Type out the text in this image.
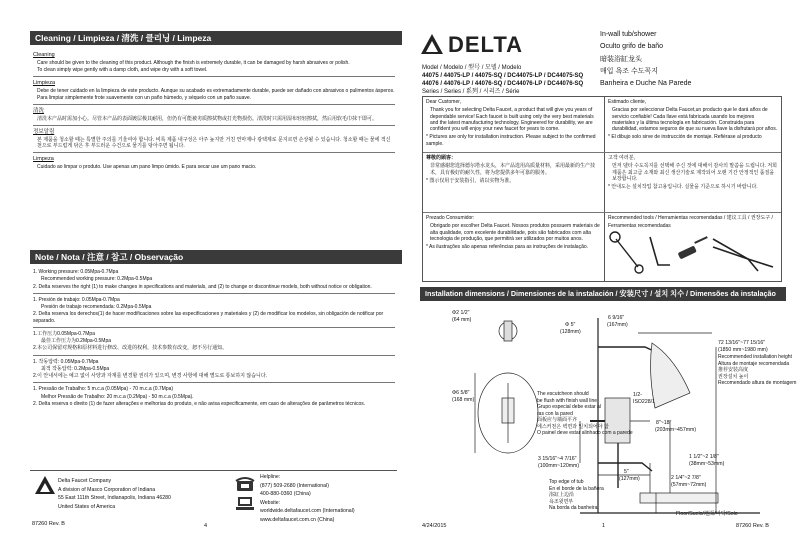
Cleaning / Limpieza / 清洗 / 클리닝 / Limpeza
Cleaning

Care should be given to the cleaning of this product. Although the finish is extremely durable, it can be damaged by harsh abrasives or polish.

To clean simply wipe gently with a damp cloth, and wipe dry with a soft towel.

Limpieza

Debe de tener cuidado en la limpieza de este producto. Aunque su acabado es extremadamente durable, puede ser dañado con abrasivos o pulimentos ásperos. Para limpiar simplemente frote suavemente con un paño húmedo, y séquelo con un paño suave.

清洗

清洗本产品时需加小心。尽管本产品的表面镀层极其耐用，但仍有可能被劣质擦拭物或打光物损伤。清洗时只需用湿布轻轻擦拭，然后用软毛巾抹干即可。

정보알림

본 제품을 청소할 때는 특별한 주의를 기울여야 합니다. 비록 제품 내구성은 아주 높지만 거친 연마제나 광택제로 문지르면 손상될 수 있습니다. 청소할 때는 물에 적신 천으로 부드럽게 닦은 후 부드러운 수건으로 물기를 닦아주면 됩니다.

Limpeza

Cuidado ao limpar o produto. Use apenas um pano limpo úmido. E para secar use um pano macio.

Note / Nota / 注意 / 참고 / Observação
1. Working pressure: 0.05Mpa-0.7Mpa
Recommended working pressure: 0.2Mpa-0.5Mpa
2. Delta reserves the right (1) to make changes in specifications and materials, and (2) to change or discontinue models, both without notice or obligation.
1. Presión de trabajo: 0.05Mpa-0.7Mpa
Presión de trabajo recomendada: 0.2Mpa-0.5Mpa
2. Delta reserva los derechos(1) de hacer modificaciones sobre las especificaciones y materiales y (2) de modificar los modelos, sin obligación de notificar por separado.
1.工作压力0.05Mpa-0.7Mpa
最佳工作压力为0.2Mpa-0.5Mpa
2.本公司保留对规格和原材料进行修改、改进的权利，技术参数有改变，恕不另行通知。
1. 작동압력: 0.05Mpa-0.7Mpa
최적 작동압력: 0.2Mpa-0.5Mpa
2.이 안내서에는 예고 없이 사양과 자재를 변경할 권리가 있으며, 변경 사항에 대해 별도로 통보하지 않습니다.
1. Pressão de Trabalho: 5 m.c.a (0.05Mpa) - 70 m.c.a (0.7Mpa)
Melhor Pressão de Trabalho: 20 m.c.a (0.2Mpa) - 50 m.c.a (0.5Mpa).
2. Delta reserva o direito (1) de fazer alterações e melhorias do produto, e não avisa especificamente, em caso de alterações de parâmetros técnicos.
Delta Faucet Company
A division of Masco Corporation of Indiana
55 East 111th Street, Indianapolis, Indiana 46280
United States of America
Helpline:
(877) 509-2680 (International)
400-880-0360 (China)
Website:
worldwide.deltafaucet.com (International)
www.deltafaucet.com.cn (China)
87260 Rev. B	4
DELTA	In-wall tub/shower
Oculto grifo de baño
暗装浴缸龙头
매입 욕조 수도꼭지
Banheira e Duche Na Parede
Model / Modelo / 型号 / 모델 / Modelo
44075 / 44075-LP / 44075-SQ / DC44075-LP / DC44075-SQ
44076 / 44076-LP / 44076-SQ / DC44076-LP / DC44076-SQ
Series / Series / 系列 / 시리즈 / Série
Dear Customer,
Thank you for selecting Delta Faucet, a product that will give you years of dependable service! Each faucet is built using only the very best materials and the latest manufacturing technology. Engineered for durability, we are confident you will enjoy your new faucet for years to come.
* Pictures are only for installation instruction. Please subject to the confirmed sample.
Estimado cliente,
Gracias por seleccionar Delta Faucet,un producto que le dará años de servicio confiable! Cada llave está fabricada usando los mejores materiales y la última tecnología en fabricación. Construida para durabilidad, estamos seguros de que su nueva llave la disfrutará por años.
* El dibujo solo sirve de instrucción de montaje. Refiérase al producto
尊敬的顾客：
非常感谢您选择德尔塔水龙头，本产品选用高质量材料，采用最新的生产技术，具有极好的耐久性，将为您提供多年可靠的服务。
* 图示仅用于安装指引，请以实物为准。
고객 여러분,
먼저 델타 수도꼭지를 선택해 주신 것에 대해서 감사의 말씀을 드립니다. 저희 제품은 최고급 소재와 최신 생산기술로 제작되어 오랜 기간 안정적인 품질을 보장합니다.
* 안내도는 설치작업 참고용입니다. 실물을 기준으로 하시기 바랍니다.
Prezado Consumidor:
Obrigado por escolher Delta Faucet. Nossos produtos possuem materiais de alta qualidade, com excelente durabilidade, pois são fabricados com alta tecnologia de produção, que permitirá ser utilizados por muitos anos.
* As ilustrações são apenas referências para as instruções de instalação.
Recommended tools / Herramientas recomendadas / 建议工具 / 권장도구 /
Ferramentas recomendadas
Installation dimensions / Dimensiones de la instalación / 安装尺寸 / 설치 치수 / Dimensões da instalação
Φ2 1/2"
(64 mm)
Φ 5"
(128mm)
6 9/16"
(167mm)
1/2-
ISO228/1
Φ6 5/8"
(168 mm)
72 13/16"~77 15/16"
(1850 mm~1980 mm)
Recommended installation height
Altura de montaje recomendada
推荐安装高度
권장설치 높이
Recomendado altura de montagem
8"~18"
(203mm~457mm)
3 15/16"~4 7/16"
(100mm~120mm)
5"
(127mm)
1 1/2"~2 1/8"
(38mm~53mm)
2 1/4"~2 7/8"
(57mm~72mm)
The escutcheon should
be flush with finish wall line
Grupo especial debe estar al
ras con la pared
面板应与墙面平齐
에스커천은 벽면과 일치되어야 함
O painel deve estar alinhado com a parede
Top edge of tub
En el borde de la bañera
浴缸上边沿
욕조윗면부
Na borda da banheira
Floor/Suelo/地面/바닥/Solo
4/24/2015	1	87260 Rev. B
